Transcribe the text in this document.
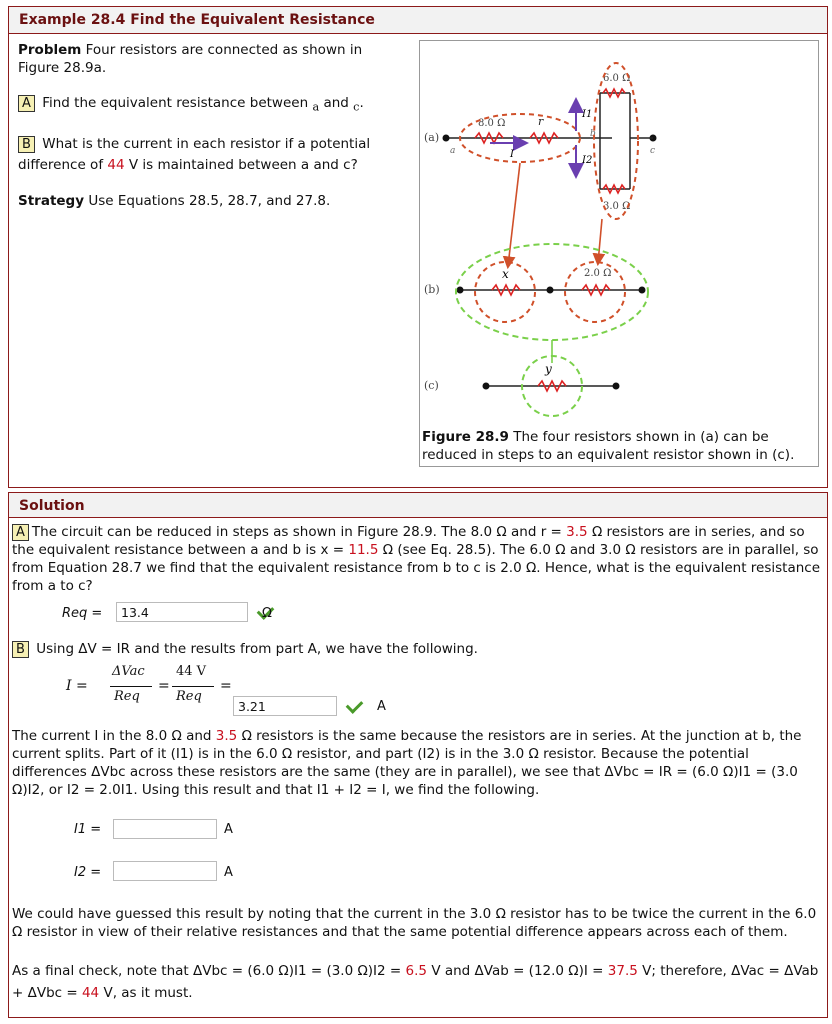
Example 28.4 Find the Equivalent Resistance
Problem Four resistors are connected as shown in Figure 28.9a.
A Find the equivalent resistance between $_a$ and $_c$.
B What is the current in each resistor if a potential difference of 44 V is maintained between a and c?
Strategy Use Equations 28.5, 28.7, and 27.8.
(a)
a
8.0 Ω	r
I
6.0 Ω
3.0 Ω
I1
I2
b
c
(b)
x	2.0 Ω
(c)
y
Figure 28.9 The four resistors shown in (a) can be reduced in steps to an equivalent resistor shown in (c).
Solution
A The circuit can be reduced in steps as shown in Figure 28.9. The 8.0 Ω and r = 3.5 Ω resistors are in series, and so the equivalent resistance between a and b is x = 11.5 Ω (see Eq. 28.5). The 6.0 Ω and 3.0 Ω resistors are in parallel, so from Equation 28.7 we find that the equivalent resistance from b to c is 2.0 Ω. Hence, what is the equivalent resistance from a to c?
Req =	13.4	Ω
B Using ΔV = IR and the results from part A, we have the following.
I =
ΔVac
Req
=
44 V
Req
=
3.21	A
The current I in the 8.0 Ω and 3.5 Ω resistors is the same because the resistors are in series. At the junction at b, the current splits. Part of it (I1) is in the 6.0 Ω resistor, and part (I2) is in the 3.0 Ω resistor. Because the potential differences ΔVbc across these resistors are the same (they are in parallel), we see that ΔVbc = IR = (6.0 Ω)I1 = (3.0 Ω)I2, or I2 = 2.0I1. Using this result and that I1 + I2 = I, we find the following.
I1 =	A
I2 =	A
We could have guessed this result by noting that the current in the 3.0 Ω resistor has to be twice the current in the 6.0 Ω resistor in view of their relative resistances and that the same potential difference appears across each of them.
As a final check, note that ΔVbc = (6.0 Ω)I1 = (3.0 Ω)I2 = 6.5 V and ΔVab = (12.0 Ω)I = 37.5 V; therefore, ΔVac = ΔVab + ΔVbc = 44 V, as it must.
